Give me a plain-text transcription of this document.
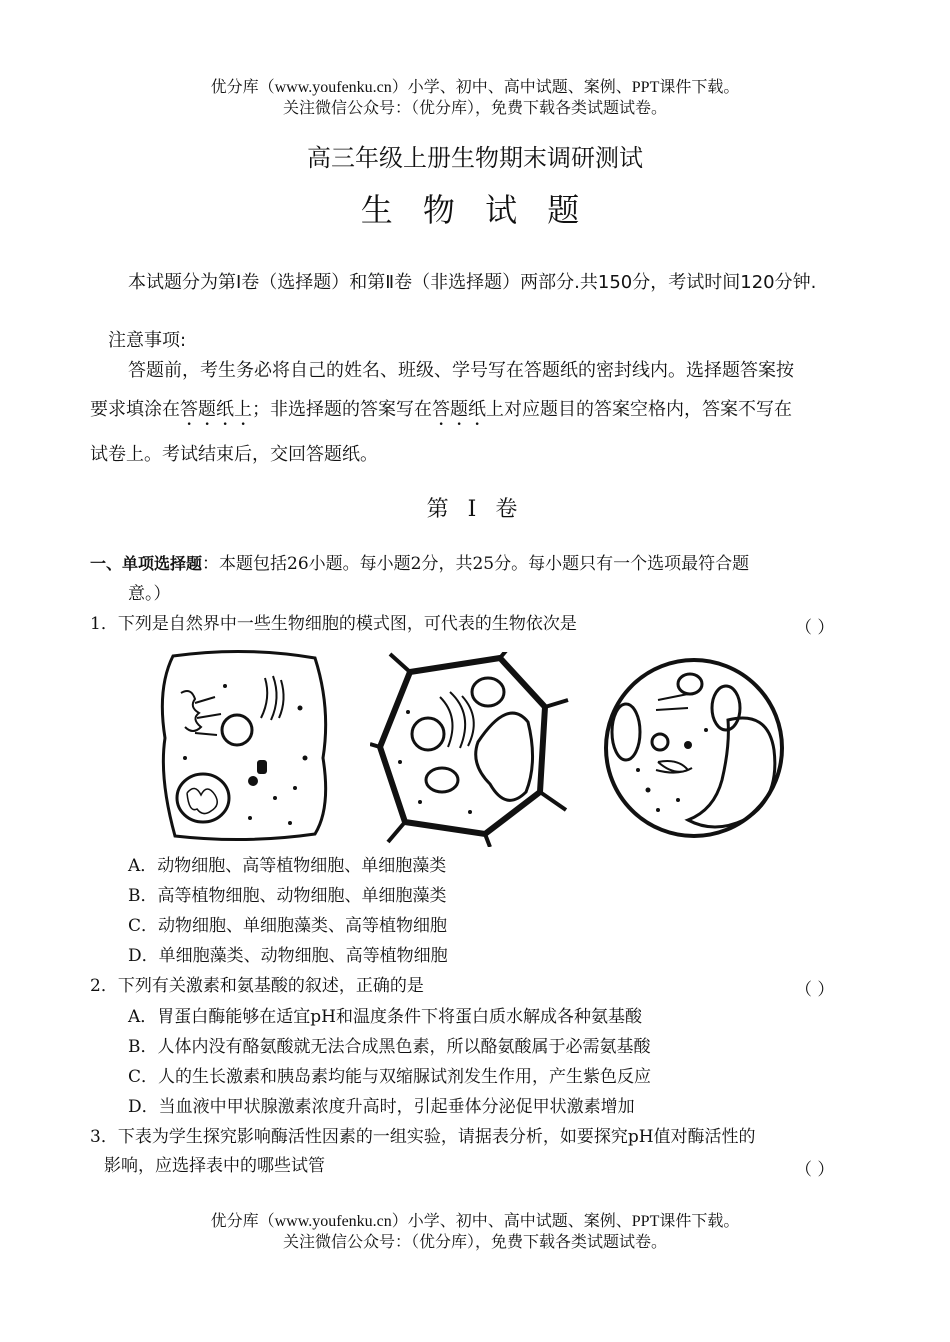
优分库（www.youfenku.cn）小学、初中、高中试题、案例、PPT课件下载。
关注微信公众号：（优分库），免费下载各类试题试卷。
高三年级上册生物期末调研测试
生 物 试 题
本试题分为第Ⅰ卷（选择题）和第Ⅱ卷（非选择题）两部分.共150分，考试时间120分钟.
注意事项:
答题前，考生务必将自己的姓名、班级、学号写在答题纸的密封线内。选择题答案按
要求填涂在答题纸上；非选择题的答案写在答题纸上对应题目的答案空格内，答案不写在
试卷上。考试结束后，交回答题纸。
第 I 卷
一、单项选择题：本题包括26小题。每小题2分，共25分。每小题只有一个选项最符合题
意。）
1．下列是自然界中一些生物细胞的模式图，可代表的生物依次是	（ ）
A．动物细胞、高等植物细胞、单细胞藻类
B．高等植物细胞、动物细胞、单细胞藻类
C．动物细胞、单细胞藻类、高等植物细胞
D．单细胞藻类、动物细胞、高等植物细胞
2．下列有关激素和氨基酸的叙述，正确的是	（ ）
A．胃蛋白酶能够在适宜pH和温度条件下将蛋白质水解成各种氨基酸
B．人体内没有酪氨酸就无法合成黑色素，所以酪氨酸属于必需氨基酸
C．人的生长激素和胰岛素均能与双缩脲试剂发生作用，产生紫色反应
D．当血液中甲状腺激素浓度升高时，引起垂体分泌促甲状激素增加
3．下表为学生探究影响酶活性因素的一组实验，请据表分析，如要探究pH值对酶活性的
影响，应选择表中的哪些试管	（ ）
优分库（www.youfenku.cn）小学、初中、高中试题、案例、PPT课件下载。
关注微信公众号：（优分库），免费下载各类试题试卷。
